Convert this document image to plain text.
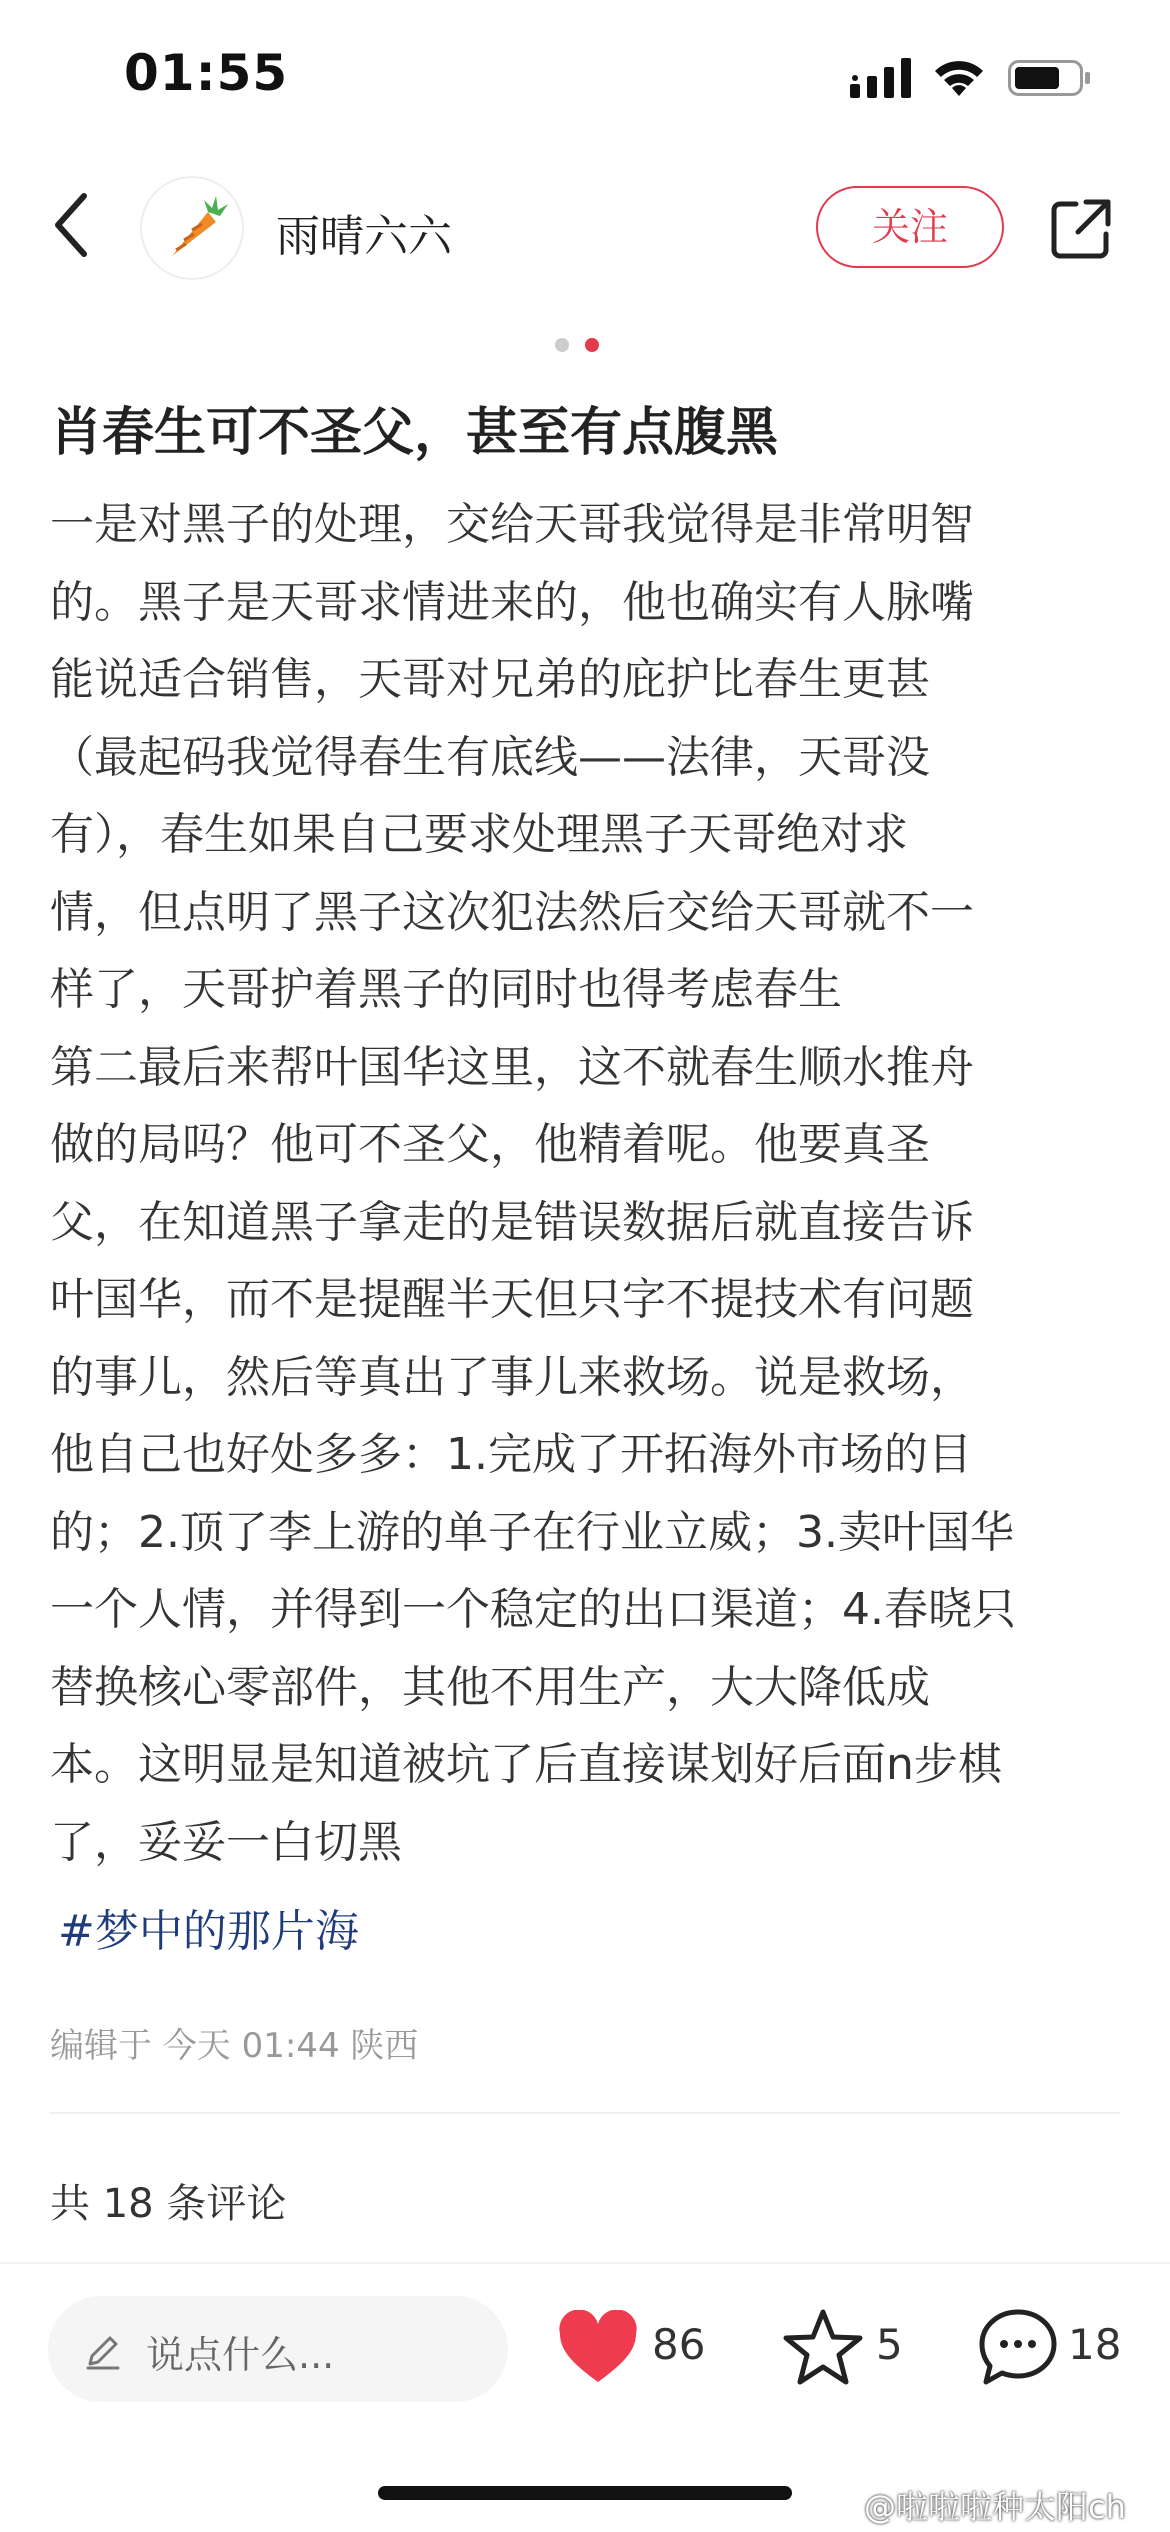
01:55
雨晴六六	关注
肖春生可不圣父，甚至有点腹黑
一是对黑子的处理，交给天哥我觉得是非常明智
的。黑子是天哥求情进来的，他也确实有人脉嘴
能说适合销售，天哥对兄弟的庇护比春生更甚
（最起码我觉得春生有底线——法律，天哥没
有），春生如果自己要求处理黑子天哥绝对求
情，但点明了黑子这次犯法然后交给天哥就不一
样了，天哥护着黑子的同时也得考虑春生
第二最后来帮叶国华这里，这不就春生顺水推舟
做的局吗？他可不圣父，他精着呢。他要真圣
父，在知道黑子拿走的是错误数据后就直接告诉
叶国华，而不是提醒半天但只字不提技术有问题
的事儿，然后等真出了事儿来救场。说是救场，
他自己也好处多多：1.完成了开拓海外市场的目
的；2.顶了李上游的单子在行业立威；3.卖叶国华
一个人情，并得到一个稳定的出口渠道；4.春晓只
替换核心零部件，其他不用生产，大大降低成
本。这明显是知道被坑了后直接谋划好后面n步棋
了，妥妥一白切黑
#梦中的那片海
编辑于 今天 01:44 陕西
共 18 条评论
说点什么...	86	5	18
@啦啦啦种太阳ch
